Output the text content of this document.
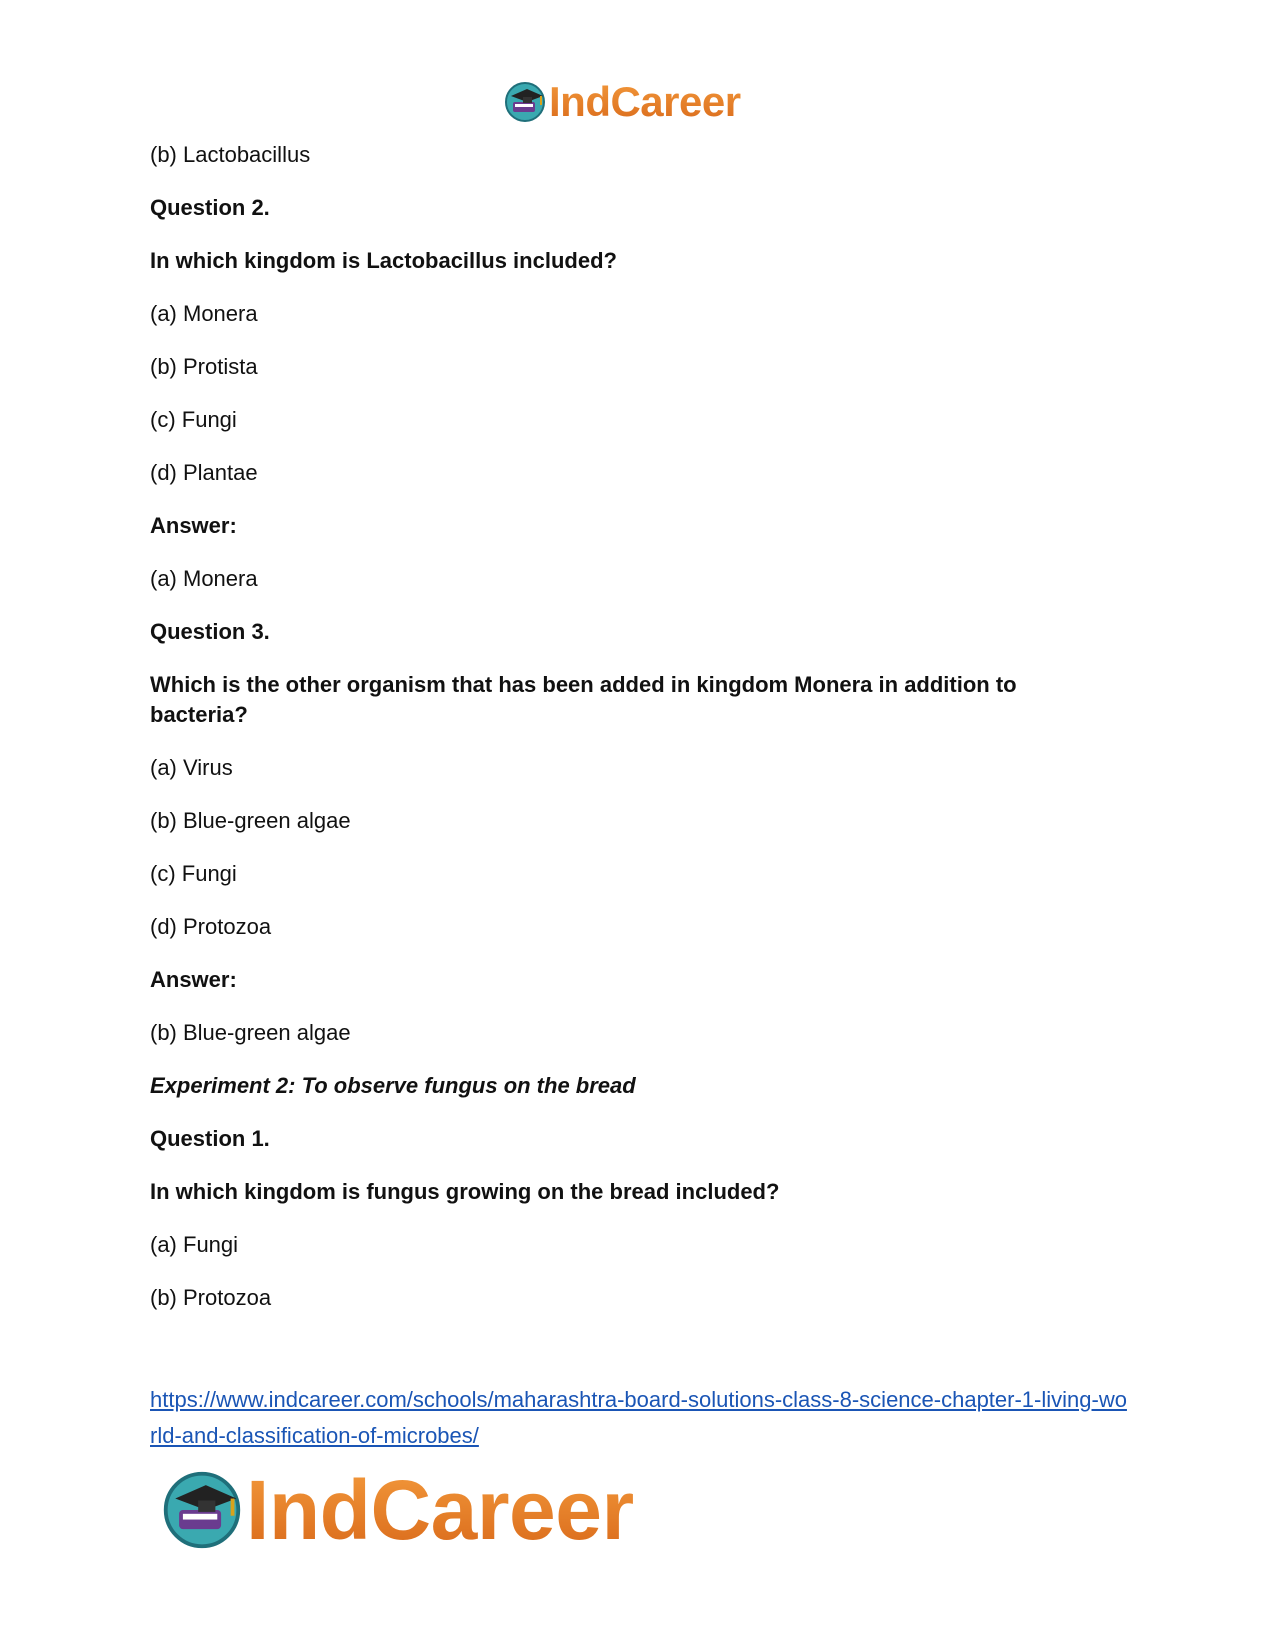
IndCareer
(b) Lactobacillus
Question 2.
In which kingdom is Lactobacillus included?
(a) Monera
(b) Protista
(c) Fungi
(d) Plantae
Answer:
(a) Monera
Question 3.
Which is the other organism that has been added in kingdom Monera in addition to bacteria?
(a) Virus
(b) Blue-green algae
(c) Fungi
(d) Protozoa
Answer:
(b) Blue-green algae
Experiment 2: To observe fungus on the bread
Question 1.
In which kingdom is fungus growing on the bread included?
(a) Fungi
(b) Protozoa
https://www.indcareer.com/schools/maharashtra-board-solutions-class-8-science-chapter-1-living-world-and-classification-of-microbes/
IndCareer
